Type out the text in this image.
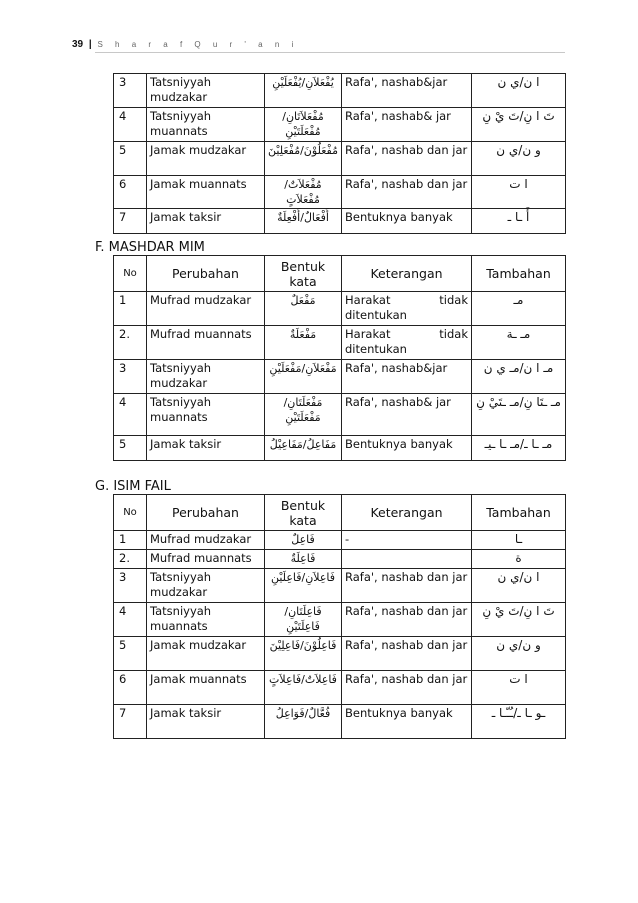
39 | S h a r a f Q u r ' a n i
3	Tatsniyyah mudzakar	يُفْعَلاَنِ/يُفْعَلَيْنِ	Rafa', nashab&jar	ا ن/ي ن
4	Tatsniyyah muannats	مُفْعَلاَتَانِ/مُفْعَلَتَيْنِ	Rafa', nashab& jar	تَ ا نِ/تَ يْ نِ
5	Jamak mudzakar	مُفْعَلُوْنَ/مُفْعَلِيْنَ	Rafa', nashab dan jar	و ن/ي ن
6	Jamak muannats	مُفْعَلاَتٌ/مُفْعَلاَتٍ	Rafa', nashab dan jar	ا ت
7	Jamak taksir	أَفْعَالٌ/أَفْعِلَةٌ	Bentuknya banyak	أَ ـا ـ
F. MASHDAR MIM
No	Perubahan	Bentuk kata	Keterangan	Tambahan
1	Mufrad mudzakar	مَفْعَلٌ	Harakat tidak ditentukan	مـ
2.	Mufrad muannats	مَفْعَلَةٌ	Harakat tidak ditentukan	مـ ـة
3	Tatsniyyah mudzakar	مَفْعَلاَنِ/مَفْعَلَيْنِ	Rafa', nashab&jar	مـ ا ن/مـ ي ن
4	Tatsniyyah muannats	مَفْعَلَتَانِ/مَفْعَلَتَيْنِ	Rafa', nashab& jar	مـ ـتَا نِ/مـ ـتَيْ نِ
5	Jamak taksir	مَفَاعِلُ/مَفَاعِيْلُ	Bentuknya banyak	مـ ـا ـ/مـ ـا ـيـ
G. ISIM FAIL
No	Perubahan	Bentuk kata	Keterangan	Tambahan
1	Mufrad mudzakar	فَاعِلٌ	-	ـا
2.	Mufrad muannats	فَاعِلَةٌ		ة
3	Tatsniyyah mudzakar	فَاعِلاَنِ/فَاعِلَيْنِ	Rafa', nashab dan jar	ا ن/ي ن
4	Tatsniyyah muannats	فَاعِلَتَانِ/فَاعِلَتَيْنِ	Rafa', nashab dan jar	تَ ا نِ/تَ يْ نِ
5	Jamak mudzakar	فَاعِلُوْنَ/فَاعِلِيْنَ	Rafa', nashab dan jar	و ن/ي ن
6	Jamak muannats	فَاعِلاَتٌ/فَاعِلاَتٍ	Rafa', nashab dan jar	ا ت
7	Jamak taksir	فُعَّالٌ/فَوَاعِلُ	Bentuknya banyak	ـو ـا ـ/ـُـّـا ـ
